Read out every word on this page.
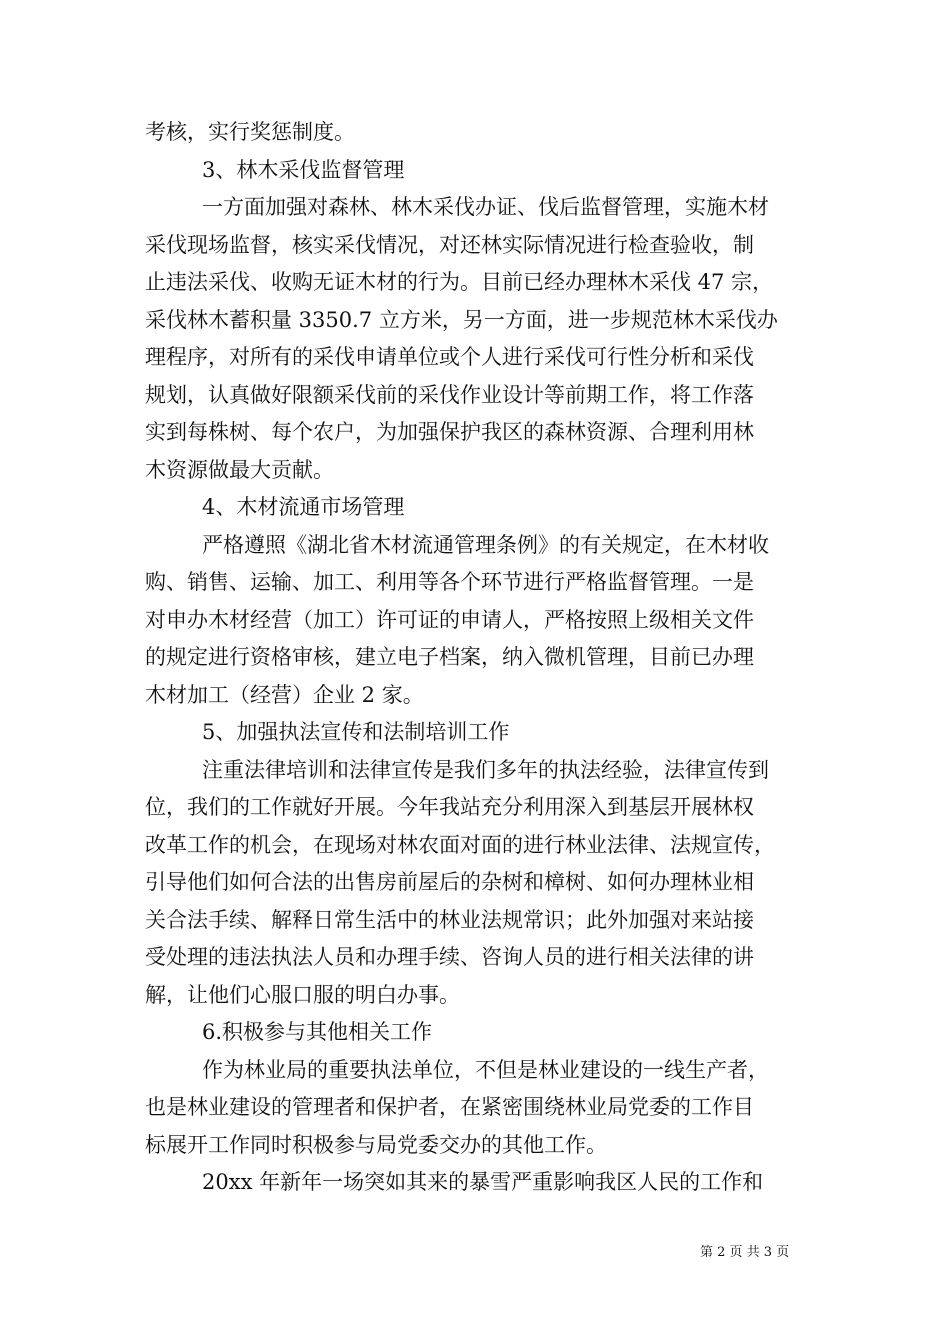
考核，实行奖惩制度。
3、林木采伐监督管理
一方面加强对森林、林木采伐办证、伐后监督管理，实施木材
采伐现场监督，核实采伐情况，对还林实际情况进行检查验收，制
止违法采伐、收购无证木材的行为。目前已经办理林木采伐 47 宗，
采伐林木蓄积量 3350.7 立方米，另一方面，进一步规范林木采伐办
理程序，对所有的采伐申请单位或个人进行采伐可行性分析和采伐
规划，认真做好限额采伐前的采伐作业设计等前期工作，将工作落
实到每株树、每个农户，为加强保护我区的森林资源、合理利用林
木资源做最大贡献。
4、木材流通市场管理
严格遵照《湖北省木材流通管理条例》的有关规定，在木材收
购、销售、运输、加工、利用等各个环节进行严格监督管理。一是
对申办木材经营（加工）许可证的申请人，严格按照上级相关文件
的规定进行资格审核，建立电子档案，纳入微机管理，目前已办理
木材加工（经营）企业 2 家。
5、加强执法宣传和法制培训工作
注重法律培训和法律宣传是我们多年的执法经验，法律宣传到
位，我们的工作就好开展。今年我站充分利用深入到基层开展林权
改革工作的机会，在现场对林农面对面的进行林业法律、法规宣传，
引导他们如何合法的出售房前屋后的杂树和樟树、如何办理林业相
关合法手续、解释日常生活中的林业法规常识；此外加强对来站接
受处理的违法执法人员和办理手续、咨询人员的进行相关法律的讲
解，让他们心服口服的明白办事。
6.积极参与其他相关工作
作为林业局的重要执法单位，不但是林业建设的一线生产者，
也是林业建设的管理者和保护者，在紧密围绕林业局党委的工作目
标展开工作同时积极参与局党委交办的其他工作。
20xx 年新年一场突如其来的暴雪严重影响我区人民的工作和
第 2 页 共 3 页
